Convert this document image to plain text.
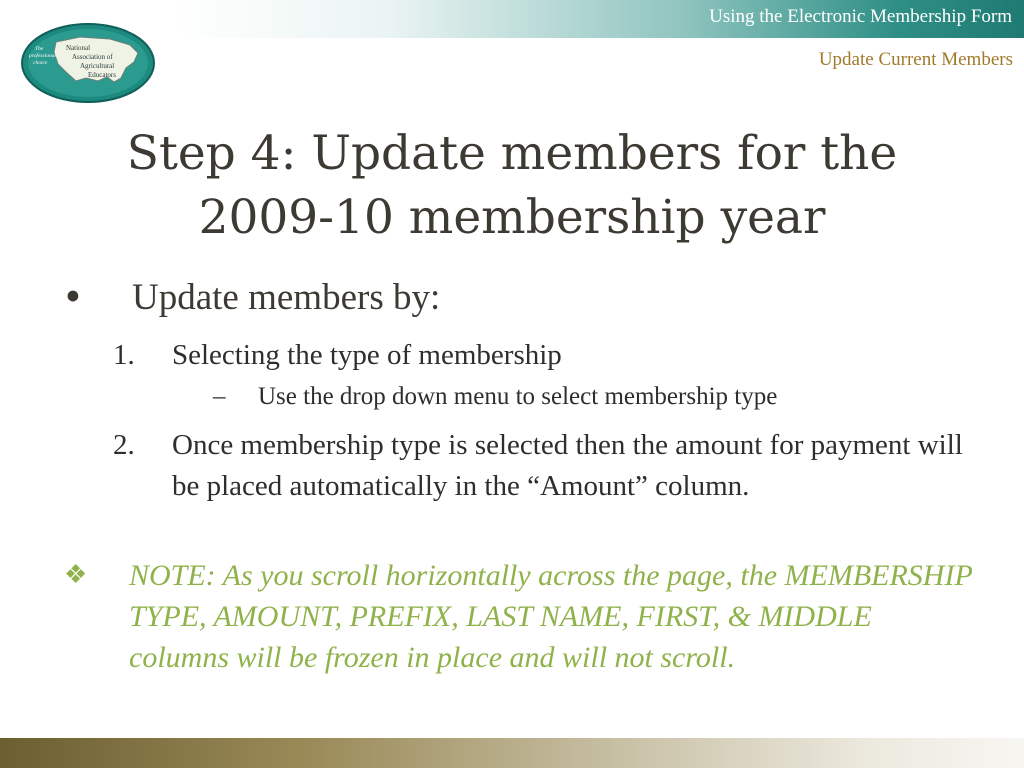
Using the Electronic Membership Form
Update Current Members
The
professional
choice
National
Association of
Agricultural
Educators
Step 4: Update members for the
2009-10 membership year
• Update members by:
1. Selecting the type of membership
– Use the drop down menu to select membership type
2. Once membership type is selected then the amount for payment will be placed automatically in the “Amount” column.
❖ NOTE: As you scroll horizontally across the page, the MEMBERSHIP TYPE, AMOUNT, PREFIX, LAST NAME, FIRST, & MIDDLE columns will be frozen in place and will not scroll.
